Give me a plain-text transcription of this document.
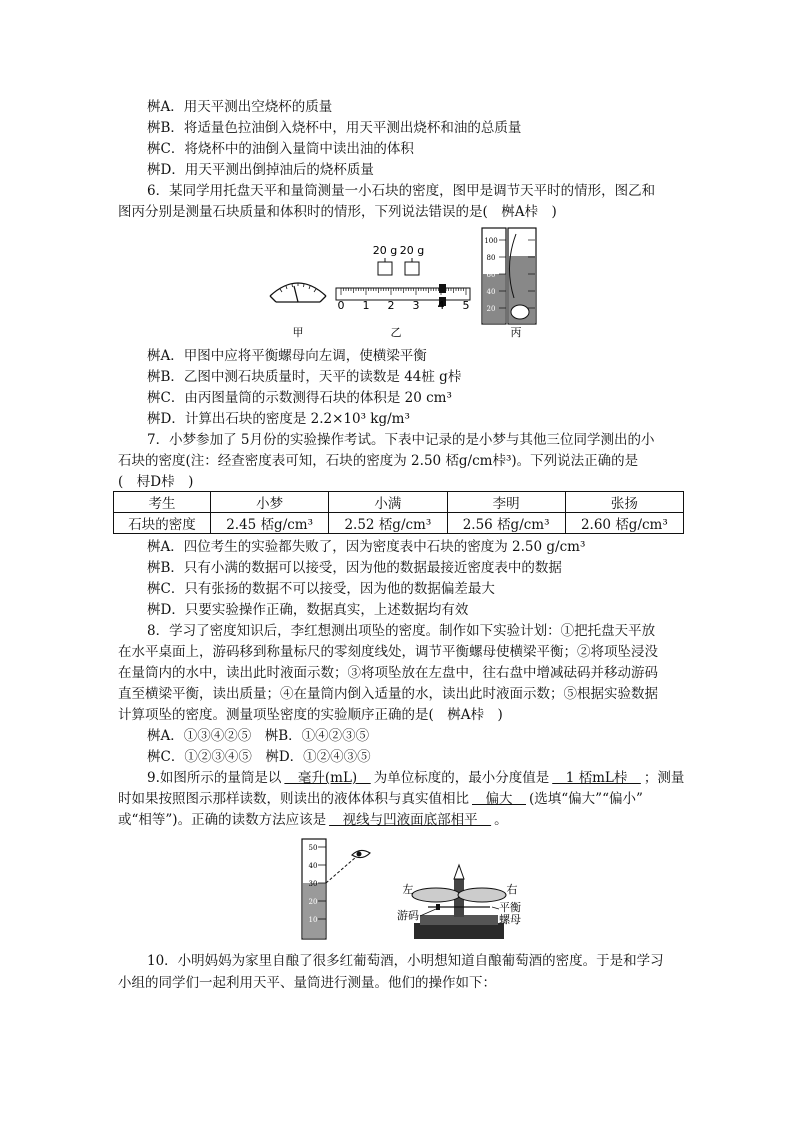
桝A．用天平测出空烧杯的质量
桝B．将适量色拉油倒入烧杯中，用天平测出烧杯和油的总质量
桝C．将烧杯中的油倒入量筒中读出油的体积
桝D．用天平测出倒掉油后的烧杯质量
6．某同学用托盘天平和量筒测量一小石块的密度，图甲是调节天平时的情形，图乙和
图丙分别是测量石块质量和体积时的情形，下列说法错误的是(　桝A桛　)
甲
20 g 20 g
0 1 2 3 4 5
乙
100
80
60
40
20
丙
桝A．甲图中应将平衡螺母向左调，使横梁平衡
桝B．乙图中测石块质量时，天平的读数是 44桩 g桛
桝C．由丙图量筒的示数测得石块的体积是 20 cm³
桝D．计算出石块的密度是 2.2×10³ kg/m³
7．小梦参加了 5月份的实验操作考试。下表中记录的是小梦与其他三位同学测出的小
石块的密度(注：经查密度表可知，石块的密度为 2.50 桮g/cm桛³)。下列说法正确的是
(　桪D桛　)
考生	小梦	小满	李明	张扬
石块的密度	2.45 桮g/cm³	2.52 桮g/cm³	2.56 桮g/cm³	2.60 桮g/cm³
桝A．四位考生的实验都失败了，因为密度表中石块的密度为 2.50 g/cm³
桝B．只有小满的数据可以接受，因为他的数据最接近密度表中的数据
桝C．只有张扬的数据不可以接受，因为他的数据偏差最大
桝D．只要实验操作正确，数据真实，上述数据均有效
8．学习了密度知识后，李红想测出项坠的密度。制作如下实验计划：①把托盘天平放
在水平桌面上，游码移到称量标尺的零刻度线处，调节平衡螺母使横梁平衡；②将项坠浸没
在量筒内的水中，读出此时液面示数；③将项坠放在左盘中，往右盘中增减砝码并移动游码
直至横梁平衡，读出质量；④在量筒内倒入适量的水，读出此时液面示数；⑤根据实验数据
计算项坠的密度。测量项坠密度的实验顺序正确的是(　桝A桛　)
桝A．①③④②⑤　桝B．①④②③⑤
桝C．①②③④⑤　桝D．①②④③⑤
9.如图所示的量筒是以　毫升(mL)　为单位标度的，最小分度值是　1 桮mL桛　；测量
时如果按照图示那样读数，则读出的液体体积与真实值相比　偏大　(选填“偏大”“偏小”
或“相等”)。正确的读数方法应该是　视线与凹液面底部相平　。
50
40
30
20
10
左	右
游码
平衡
螺母
10．小明妈妈为家里自酿了很多红葡萄酒，小明想知道自酿葡萄酒的密度。于是和学习
小组的同学们一起利用天平、量筒进行测量。他们的操作如下：
